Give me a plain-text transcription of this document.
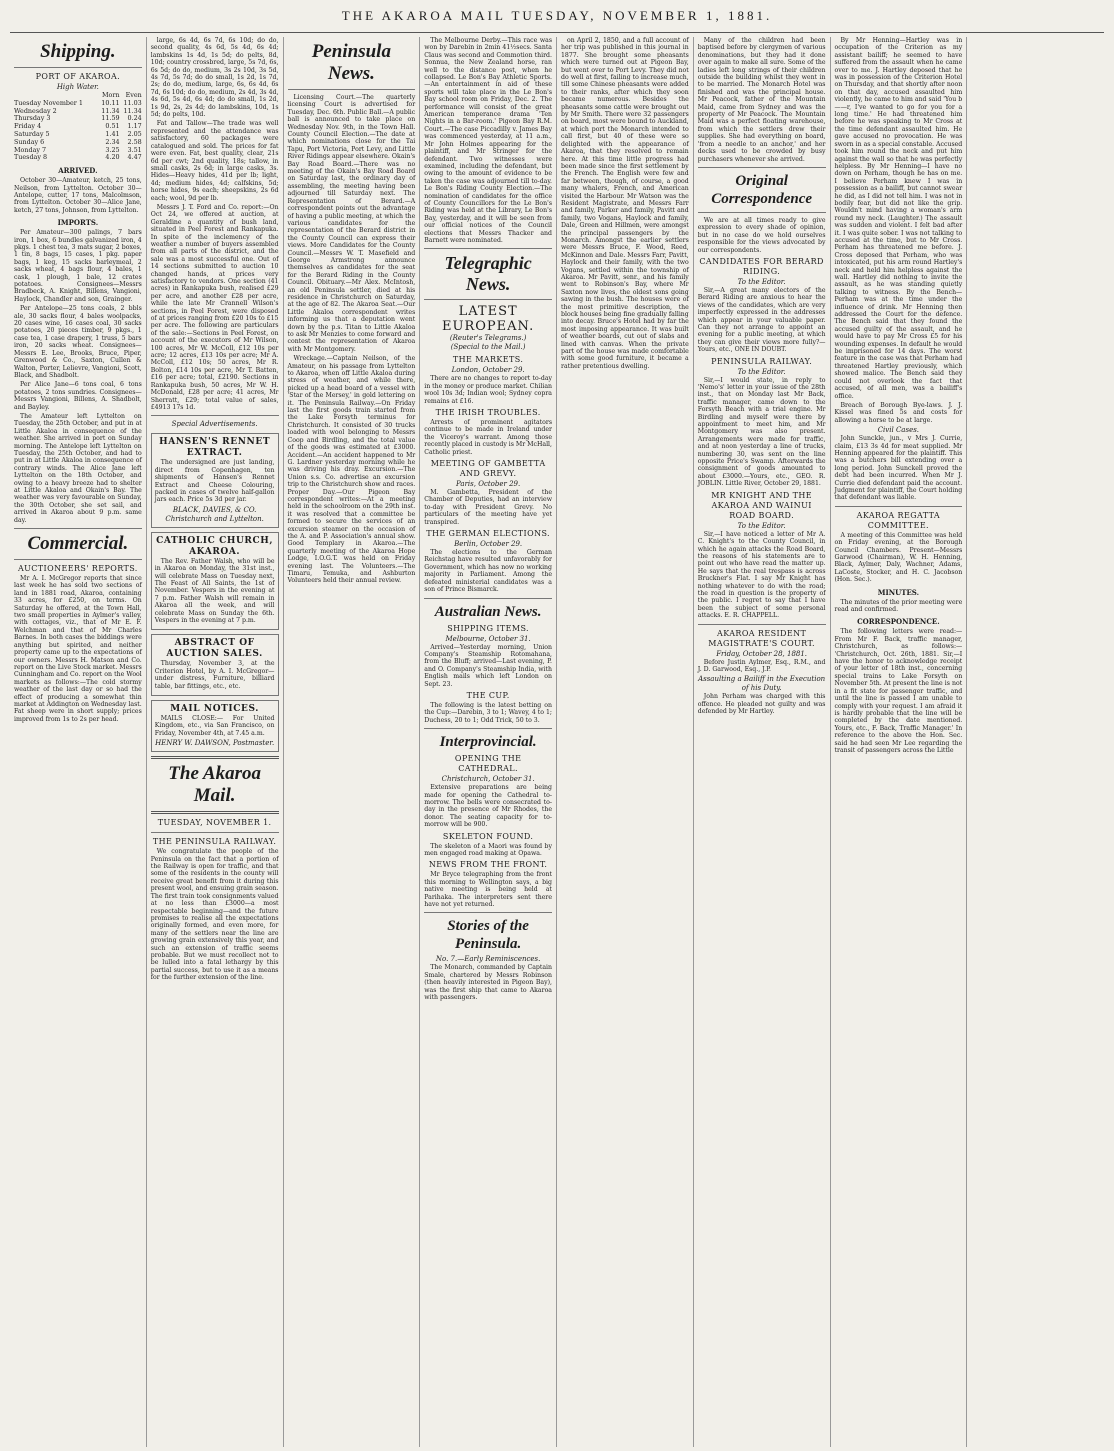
THE AKAROA MAIL TUESDAY, NOVEMBER 1, 1881.
Shipping.
PORT OF AKAROA.
High Water.
	Morn	Even
Tuesday November 1	10.11	11.03
Wednesday 2	11.34	11.34
Thursday 3	11.59	0.24
Friday 4	0.51	1.17
Saturday 5	1.41	2.05
Sunday 6	2.34	2.58
Monday 7	3.25	3.51
Tuesday 8	4.20	4.47
ARRIVED.

October 30—Amateur, ketch, 25 tons, Neilson, from Lyttelton. October 30—Antelope, cutter, 17 tons, Malcolmson, from Lyttelton. October 30—Alice Jane, ketch, 27 tons, Johnson, from Lyttelton.

IMPORTS.

Per Amateur—300 palings, 7 bars iron, 1 box, 6 bundles galvanized iron, 4 pkgs. 1 chest tea, 3 mats sugar, 2 boxes, 1 tin, 8 bags, 15 cases, 1 pkg. paper bags, 1 keg, 15 sacks barleymeal, 2 sacks wheat, 4 bags flour, 4 bales, 1 cask, 1 plough, 1 bale, 12 crates potatoes. Consignees—Messrs Bradbeck, A. Knight, Billens, Vangioni, Haylock, Chandler and son, Grainger.

Per Antelope—25 tons coals, 2 bbls ale, 30 sacks flour, 4 bales woolpacks, 20 cases wine, 16 cases coal, 30 sacks potatoes, 20 pieces timber, 9 pkgs., 1 case tea, 1 case drapery, 1 truss, 5 bars iron, 20 sacks wheat. Consignees—Messrs E. Lee, Brooks, Bruce, Piper, Grenwood & Co., Saxton, Cullen & Walton, Porter, Lelievre, Vangioni, Scott, Black, and Shadbolt.

Per Alice Jane—6 tons coal, 6 tons potatoes, 2 tons sundries. Consignees—Messrs Vangioni, Billens, A. Shadbolt, and Bayley.

The Amateur left Lyttelton on Tuesday, the 25th October, and put in at Little Akaloa in consequence of the weather. She arrived in port on Sunday morning. The Antelope left Lyttelton on Tuesday, the 25th October, and had to put in at Little Akaloa in consequence of contrary winds. The Alice Jane left Lyttelton on the 18th October, and owing to a heavy breeze had to shelter at Little Akaloa and Okain's Bay. The weather was very favourable on Sunday, the 30th October, she set sail, and arrived in Akaroa about 9 p.m. same day.

Commercial.
AUCTIONEERS' REPORTS.

Mr A. I. McGregor reports that since last week he has sold two sections of land in 1881 road, Akaroa, containing 33 acres, for £250, on terms. On Saturday he offered, at the Town Hall, two small properties in Aylmer's valley, with cottages, viz., that of Mr E. F. Welchman and that of Mr Charles Barnes. In both cases the biddings were anything but spirited, and neither property came up to the expectations of our owners. Messrs H. Matson and Co. report on the Live Stock market. Messrs Cunningham and Co. report on the Wool markets as follows:—The cold stormy weather of the last day or so had the effect of producing a somewhat thin market at Addington on Wednesday last. Fat sheep were in short supply; prices improved from 1s to 2s per head.

large, 6s 4d, 6s 7d, 6s 10d; do do, second quality, 4s 6d, 5s 4d, 6s 4d; lambskins 1s 4d, 1s 5d; do pelts, 8d, 10d; country crossbred, large, 5s 7d, 6s, 6s 5d; do do, medium, 3s 2s 10d, 3s 5d, 4s 7d, 5s 7d; do do small, 1s 2d, 1s 7d, 2s; do do, medium, large, 6s, 6s 4d, 6s 7d, 6s 10d; do do, medium, 2s 4d, 3s 4d, 4s 6d, 5s 4d, 6s 4d; do do small, 1s 2d, 1s 9d, 2s, 2s 4d; do lambskins, 10d, 1s 5d; do pelts, 10d.

Fat and Tallow—The trade was well represented and the attendance was satisfactory, 60 packages were catalogued and sold. The prices for fat were even. Fat, best quality, clear, 21s 6d per cwt; 2nd quality, 18s; tallow, in small casks, 2s 6d; in large casks, 3s. Hides—Heavy hides, 41d per lb; light, 4d; medium hides, 4d; calfskins, 5d; horse hides, 9s each; sheepskins, 2s 6d each; wool, 9d per lb.

Messrs J. T. Ford and Co. report:—On Oct 24, we offered at auction, at Geraldine a quantity of bush land, situated in Peel Forest and Rankapuka. In spite of the inclemency of the weather a number of buyers assembled from all parts of the district, and the sale was a most successful one. Out of 14 sections submitted to auction 10 changed hands, at prices very satisfactory to vendors. One section (41 acres) in Rankapuka bush, realised £29 per acre, and another £28 per acre, while the late Mr Crannell Wilson's sections, in Peel Forest, were disposed of at prices ranging from £20 10s to £15 per acre. The following are particulars of the sale:—Sections in Peel Forest, on account of the executors of Mr Wilson, 100 acres, Mr W. McColl, £12 10s per acre; 12 acres, £13 10s per acre; Mr A. McColl, £12 10s; 50 acres, Mr R. Bolton, £14 10s per acre, Mr T. Batten, £16 per acre; total, £2190. Sections in Rankapuka bush, 50 acres, Mr W. H. McDonald, £28 per acre; 41 acres, Mr Sherratt, £29; total value of sales, £4913 17s 1d.

Special Advertisements.
HANSEN'S RENNET EXTRACT.

The undersigned are just landing, direct from Copenhagen, ten shipments of Hansen's Rennet Extract and Cheese Colouring, packed in cases of twelve half-gallon jars each. Price 5s 3d per jar.

BLACK, DAVIES, & CO. Christchurch and Lyttelton.
CATHOLIC CHURCH, AKAROA.

The Rev. Father Walsh, who will be in Akaroa on Monday, the 31st inst., will celebrate Mass on Tuesday next, The Feast of All Saints, the 1st of November. Vespers in the evening at 7 p.m. Father Walsh will remain in Akaroa all the week, and will celebrate Mass on Sunday the 6th. Vespers in the evening at 7 p.m.

ABSTRACT OF AUCTION SALES.

Thursday, November 3, at the Criterion Hotel, by A. I. McGregor—under distress, Furniture, billiard table, bar fittings, etc., etc.

MAIL NOTICES.

MAILS CLOSE:— For United Kingdom, etc., via San Francisco, on Friday, November 4th, at 7.45 a.m.

HENRY W. DAWSON, Postmaster.
The Akaroa Mail.
TUESDAY, NOVEMBER 1.
THE PENINSULA RAILWAY.

We congratulate the people of the Peninsula on the fact that a portion of the Railway is open for traffic, and that some of the residents in the county will receive great benefit from it during this present wool, and ensuing grain season. The first train took consignments valued at no less than £3000—a most respectable beginning—and the future promises to realise all the expectations originally formed, and even more, for many of the settlers near the line are growing grain extensively this year, and such an extension of traffic seems probable. But we must recollect not to be lulled into a fatal lethargy by this partial success, but to use it as a means for the further extension of the line.

Peninsula News.

Licensing Court.—The quarterly licensing Court is advertised for Tuesday, Dec. 6th. Public Ball.—A public ball is announced to take place on Wednesday Nov. 9th, in the Town Hall. County Council Election.—The date at which nominations close for the Tai Tapu, Port Victoria, Port Levy, and Little River Ridings appear elsewhere. Okain's Bay Road Board.—There was no meeting of the Okain's Bay Road Board on Saturday last, the ordinary day of assembling, the meeting having been adjourned till Saturday next. The Representation of Berard.—A correspondent points out the advantage of having a public meeting, at which the various candidates for the representation of the Berard district in the County Council can express their views. More Candidates for the County Council.—Messrs W. T. Masefield and George Armstrong announce themselves as candidates for the seat for the Berard Riding in the County Council. Obituary.—Mr Alex. McIntosh, an old Peninsula settler, died at his residence in Christchurch on Saturday, at the age of 82. The Akaroa Seat.—Our Little Akaloa correspondent writes informing us that a deputation went down by the p.s. Titan to Little Akaloa to ask Mr Menzies to come forward and contest the representation of Akaroa with Mr Montgomery.

Wreckage.—Captain Neilson, of the Amateur, on his passage from Lyttelton to Akaroa, when off Little Akaloa during stress of weather, and while there, picked up a head board of a vessel with 'Star of the Mersey,' in gold lettering on it. The Peninsula Railway.—On Friday last the first goods train started from the Lake Forsyth terminus for Christchurch. It consisted of 30 trucks loaded with wool belonging to Messrs Coop and Birdling, and the total value of the goods was estimated at £3000. Accident.—An accident happened to Mr G. Lardner yesterday morning while he was driving his dray. Excursion.—The Union s.s. Co. advertise an excursion trip to the Christchurch show and races. Proper Day.—Our Pigeon Bay correspondent writes:—At a meeting held in the schoolroom on the 29th inst. it was resolved that a committee be formed to secure the services of an excursion steamer on the occasion of the A. and P. Association's annual show. Good Templary in Akaroa.—The quarterly meeting of the Akaroa Hope Lodge, I.O.G.T. was held on Friday evening last. The Volunteers.—The Timaru, Temuka, and Ashburton Volunteers held their annual review.

The Melbourne Derby.—This race was won by Darebin in 2min 41½secs. Santa Claus was second and Commotion third. Sonnua, the New Zealand horse, ran well to the distance post, when he collapsed. Le Bon's Bay Athletic Sports.—An entertainment in aid of these sports will take place in the Le Bon's Bay school room on Friday, Dec. 2. The performance will consist of the great American temperance drama 'Ten Nights in a Bar-room.' Pigeon Bay R.M. Court.—The case Piccadilly v. James Bay was commenced yesterday, at 11 a.m., Mr John Holmes appearing for the plaintiff, and Mr Stringer for the defendant. Two witnesses were examined, including the defendant, but owing to the amount of evidence to be taken the case was adjourned till to-day. Le Bon's Riding County Election.—The nomination of candidates for the office of County Councillors for the Le Bon's Riding was held at the Library, Le Bon's Bay, yesterday, and it will be seen from our official notices of the Council elections that Messrs Thacker and Barnett were nominated.

Telegraphic News.
LATEST EUROPEAN.
(Reuter's Telegrams.)
(Special to the Mail.)
THE MARKETS.
London, October 29.

There are no changes to report to-day in the money or produce market. Chilian wool 10s 3d; Indian wool; Sydney copra remains at £16.

THE IRISH TROUBLES.

Arrests of prominent agitators continue to be made in Ireland under the Viceroy's warrant. Among those recently placed in custody is Mr McHall, Catholic priest.

MEETING OF GAMBETTA AND GREVY.
Paris, October 29.

M. Gambetta, President of the Chamber of Deputies, had an interview to-day with President Grevy. No particulars of the meeting have yet transpired.

THE GERMAN ELECTIONS.
Berlin, October 29.

The elections to the German Reichstag have resulted unfavorably for Government, which has now no working majority in Parliament. Among the defeated ministerial candidates was a son of Prince Bismarck.

Australian News.
SHIPPING ITEMS.
Melbourne, October 31.

Arrived—Yesterday morning, Union Company's Steamship Rotomahana, from the Bluff; arrived—Last evening, P. and O. Company's Steamship India, with English mails which left London on Sept. 23.

THE CUP.

The following is the latest betting on the Cup:—Darebin, 3 to 1; Wavey, 4 to 1; Duchess, 20 to 1; Odd Trick, 50 to 3.

Interprovincial.
OPENING THE CATHEDRAL.
Christchurch, October 31.

Extensive preparations are being made for opening the Cathedral to-morrow. The bells were consecrated to-day in the presence of Mr Rhodes, the donor. The seating capacity for to-morrow will be 900.

SKELETON FOUND.

The skeleton of a Maori was found by men engaged road making at Opawa.

NEWS FROM THE FRONT.

Mr Bryce telegraphing from the front this morning to Wellington says, a big native meeting is being held at Parihaka. The interpreters sent there have not yet returned.

Stories of the Peninsula.
No. 7.—Early Reminiscences.

The Monarch, commanded by Captain Smale, chartered by Messrs Robinson (then heavily interested in Pigeon Bay), was the first ship that came to Akaroa with passengers.

on April 2, 1850, and a full account of her trip was published in this journal in 1877. She brought some pheasants which were turned out at Pigeon Bay, but went over to Port Levy. They did not do well at first, failing to increase much, till some Chinese pheasants were added to their ranks, after which they soon became numerous. Besides the pheasants some cattle were brought out by Mr Smith. There were 32 passengers on board, most were bound to Auckland, at which port the Monarch intended to call first, but 40 of these were so delighted with the appearance of Akaroa, that they resolved to remain here. At this time little progress had been made since the first settlement by the French. The English were few and far between, though, of course, a good many whalers, French, and American visited the Harbour. Mr Watson was the Resident Magistrate, and Messrs Farr and family, Parker and family, Pavitt and family, two Vogans, Haylock and family, Dale, Green and Hillmen, were amongst the principal passengers by the Monarch. Amongst the earlier settlers were Messrs Bruce, F. Wood, Reed, McKinnon and Dale. Messrs Farr, Pavitt, Haylock and their family, with the two Vogans, settled within the township of Akaroa. Mr Pavitt, senr., and his family went to Robinson's Bay, where Mr Saxton now lives, the oldest sons going sawing in the bush. The houses were of the most primitive description, the block houses being fine gradually falling into decay. Bruce's Hotel had by far the most imposing appearance. It was built of weather boards, cut out of slabs and lined with canvas. When the private part of the house was made comfortable with some good furniture, it became a rather pretentious dwelling.

Many of the children had been baptised before by clergymen of various denominations, but they had it done over again to make all sure. Some of the ladies left long strings of their children outside the building whilst they went in to be married. The Monarch Hotel was finished and was the principal house. Mr Peacock, father of the Mountain Maid, came from Sydney and was the property of Mr Peacock. The Mountain Maid was a perfect floating warehouse, from which the settlers drew their supplies. She had everything on board, 'from a needle to an anchor,' and her decks used to be crowded by busy purchasers whenever she arrived.

Original Correspondence

We are at all times ready to give expression to every shade of opinion, but in no case do we hold ourselves responsible for the views advocated by our correspondents.

CANDIDATES FOR BERARD RIDING.
To the Editor.

Sir,—A great many electors of the Berard Riding are anxious to hear the views of the candidates, which are very imperfectly expressed in the addresses which appear in your valuable paper. Can they not arrange to appoint an evening for a public meeting, at which they can give their views more fully?—Yours, etc., ONE IN DOUBT.

PENINSULA RAILWAY.
To the Editor.

Sir,—I would state, in reply to 'Nemo's' letter in your issue of the 28th inst., that on Monday last Mr Back, traffic manager, came down to the Forsyth Beach with a trial engine. Mr Birdling and myself were there by appointment to meet him, and Mr Montgomery was also present. Arrangements were made for traffic, and at noon yesterday a line of trucks, numbering 30, was sent on the line opposite Price's Swamp. Afterwards the consignment of goods amounted to about £3000.—Yours, etc., GEO. R. JOBLIN. Little River, October 29, 1881.

MR KNIGHT AND THE AKAROA AND WAINUI ROAD BOARD.
To the Editor.

Sir,—I have noticed a letter of Mr A. C. Knight's to the County Council, in which he again attacks the Road Board, the reasons of his statements are to point out who have read the matter up. He says that the real trespass is across Bruckner's Flat. I say Mr Knight has nothing whatever to do with the road; the road in question is the property of the public. I regret to say that I have been the subject of some personal attacks. E. R. CHAPPELL.

AKAROA RESIDENT MAGISTRATE'S COURT.
Friday, October 28, 1881.

Before Justin Aylmer, Esq., R.M., and J. D. Garwood, Esq., J.P.

Assaulting a Bailiff in the Execution of his Duty.

John Perham was charged with this offence. He pleaded not guilty and was defended by Mr Hartley.

By Mr Henning—Hartley was in occupation of the Criterion as my assistant bailiff; he seemed to have suffered from the assault when he came over to me. J. Hartley deposed that he was in possession of the Criterion Hotel on Thursday, and that shortly after noon on that day, accused assaulted him violently, he came to him and said 'You b——r, I've wanted to go for you for a long time.' He had threatened him before he was speaking to Mr Cross at the time defendant assaulted him. He gave accused no provocation. He was sworn in as a special constable. Accused took him round the neck and put him against the wall so that he was perfectly helpless. By Mr Henning—I have no down on Perham, though he has on me. I believe Perham knew I was in possession as a bailiff, but cannot swear he did, as I did not tell him. I was not in bodily fear, but did not like the grip. Wouldn't mind having a woman's arm round my neck. (Laughter.) The assault was sudden and violent. I felt bad after it. I was quite sober. I was not talking to accused at the time, but to Mr Cross. Perham has threatened me before. J. Cross deposed that Perham, who was intoxicated, put his arm round Hartley's neck and held him helpless against the wall. Hartley did nothing to invite the assault, as he was standing quietly talking to witness. By the Bench—Perham was at the time under the influence of drink. Mr Henning then addressed the Court for the defence. The Bench said that they found the accused guilty of the assault, and he would have to pay Mr Cross £5 for his wounding expenses. In default he would be imprisoned for 14 days. The worst feature in the case was that Perham had threatened Hartley previously, which showed malice. The Bench said they could not overlook the fact that accused, of all men, was a bailiff's office.

Breach of Borough Bye-laws. J. J. Kissel was fined 5s and costs for allowing a horse to be at large.

Civil Cases.

John Sunckle, jun., v Mrs J. Currie, claim, £13 3s 4d for meat supplied. Mr Henning appeared for the plaintiff. This was a butchers bill extending over a long period. John Sunckell proved the debt had been incurred. When Mr J. Currie died defendant paid the account. Judgment for plaintiff, the Court holding that defendant was liable.

AKAROA REGATTA COMMITTEE.

A meeting of this Committee was held on Friday evening, at the Borough Council Chambers. Present—Messrs Garwood (Chairman), W. H. Henning, Black, Aylmer, Daly, Wachner, Adams, LaCoste, Stocker, and H. C. Jacobson (Hon. Sec.).

MINUTES.

The minutes of the prior meeting were read and confirmed.

CORRESPONDENCE.

The following letters were read:— From Mr F. Back, traffic manager, Christchurch, as follows:— 'Christchurch, Oct. 26th, 1881. Sir,—I have the honor to acknowledge receipt of your letter of 18th inst., concerning special trains to Lake Forsyth on November 5th. At present the line is not in a fit state for passenger traffic, and until the line is passed I am unable to comply with your request. I am afraid it is hardly probable that the line will be completed by the date mentioned. Yours, etc., F. Back, Traffic Manager.' In reference to the above the Hon. Sec. said he had seen Mr Lee regarding the transit of passengers across the Little
